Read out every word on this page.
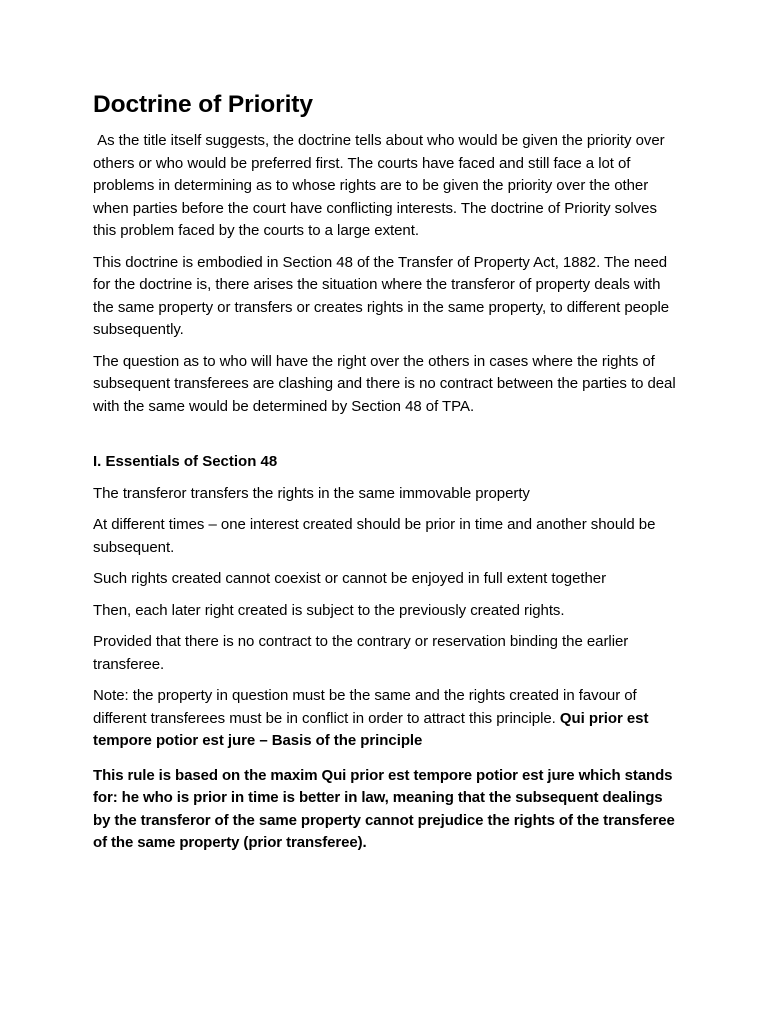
Doctrine of Priority

As the title itself suggests, the doctrine tells about who would be given the priority over others or who would be preferred first. The courts have faced and still face a lot of problems in determining as to whose rights are to be given the priority over the other when parties before the court have conflicting interests. The doctrine of Priority solves this problem faced by the courts to a large extent.

This doctrine is embodied in Section 48 of the Transfer of Property Act, 1882. The need for the doctrine is, there arises the situation where the transferor of property deals with the same property or transfers or creates rights in the same property, to different people subsequently.

The question as to who will have the right over the others in cases where the rights of subsequent transferees are clashing and there is no contract between the parties to deal with the same would be determined by Section 48 of TPA.

I. Essentials of Section 48

The transferor transfers the rights in the same immovable property

At different times – one interest created should be prior in time and another should be subsequent.

Such rights created cannot coexist or cannot be enjoyed in full extent together

Then, each later right created is subject to the previously created rights.

Provided that there is no contract to the contrary or reservation binding the earlier transferee.

Note: the property in question must be the same and the rights created in favour of different transferees must be in conflict in order to attract this principle. Qui prior est tempore potior est jure – Basis of the principle

This rule is based on the maxim Qui prior est tempore potior est jure which stands for: he who is prior in time is better in law, meaning that the subsequent dealings by the transferor of the same property cannot prejudice the rights of the transferee of the same property (prior transferee).
